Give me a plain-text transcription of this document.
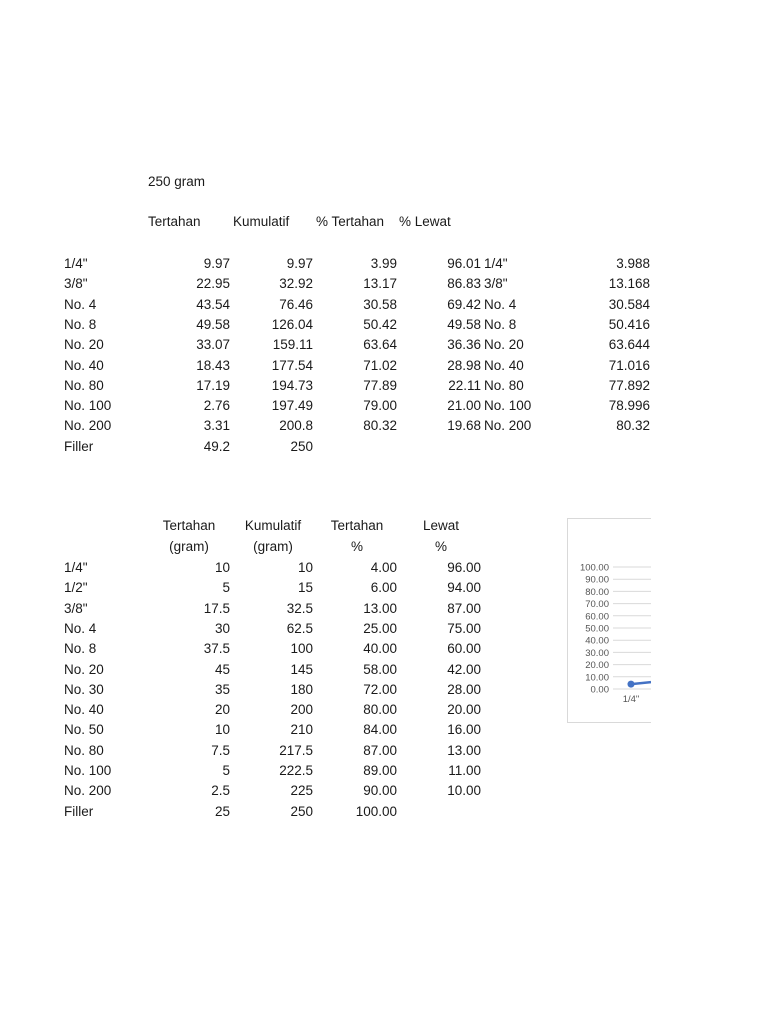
250 gram
Tertahan Kumulatif % Tertahan % Lewat
1/4"	9.97	9.97	3.99	96.01 1/4"	3.988
3/8"	22.95	32.92	13.17	86.83 3/8"	13.168
No. 4	43.54	76.46	30.58	69.42 No. 4	30.584
No. 8	49.58	126.04	50.42	49.58 No. 8	50.416
No. 20	33.07	159.11	63.64	36.36 No. 20	63.644
No. 40	18.43	177.54	71.02	28.98 No. 40	71.016
No. 80	17.19	194.73	77.89	22.11 No. 80	77.892
No. 100	2.76	197.49	79.00	21.00 No. 100	78.996
No. 200	3.31	200.8	80.32	19.68 No. 200	80.32
Filler	49.2	250
Tertahan	Kumulatif	Tertahan	Lewat
(gram)	(gram)	%	%
1/4"	10	10	4.00	96.00
1/2"	5	15	6.00	94.00
3/8"	17.5	32.5	13.00	87.00
No. 4	30	62.5	25.00	75.00
No. 8	37.5	100	40.00	60.00
No. 20	45	145	58.00	42.00
No. 30	35	180	72.00	28.00
No. 40	20	200	80.00	20.00
No. 50	10	210	84.00	16.00
No. 80	7.5	217.5	87.00	13.00
No. 100	5	222.5	89.00	11.00
No. 200	2.5	225	90.00	10.00
Filler	25	250	100.00
100.00
90.00
80.00
70.00
60.00
50.00
40.00
30.00
20.00
10.00
0.00
1/4"
